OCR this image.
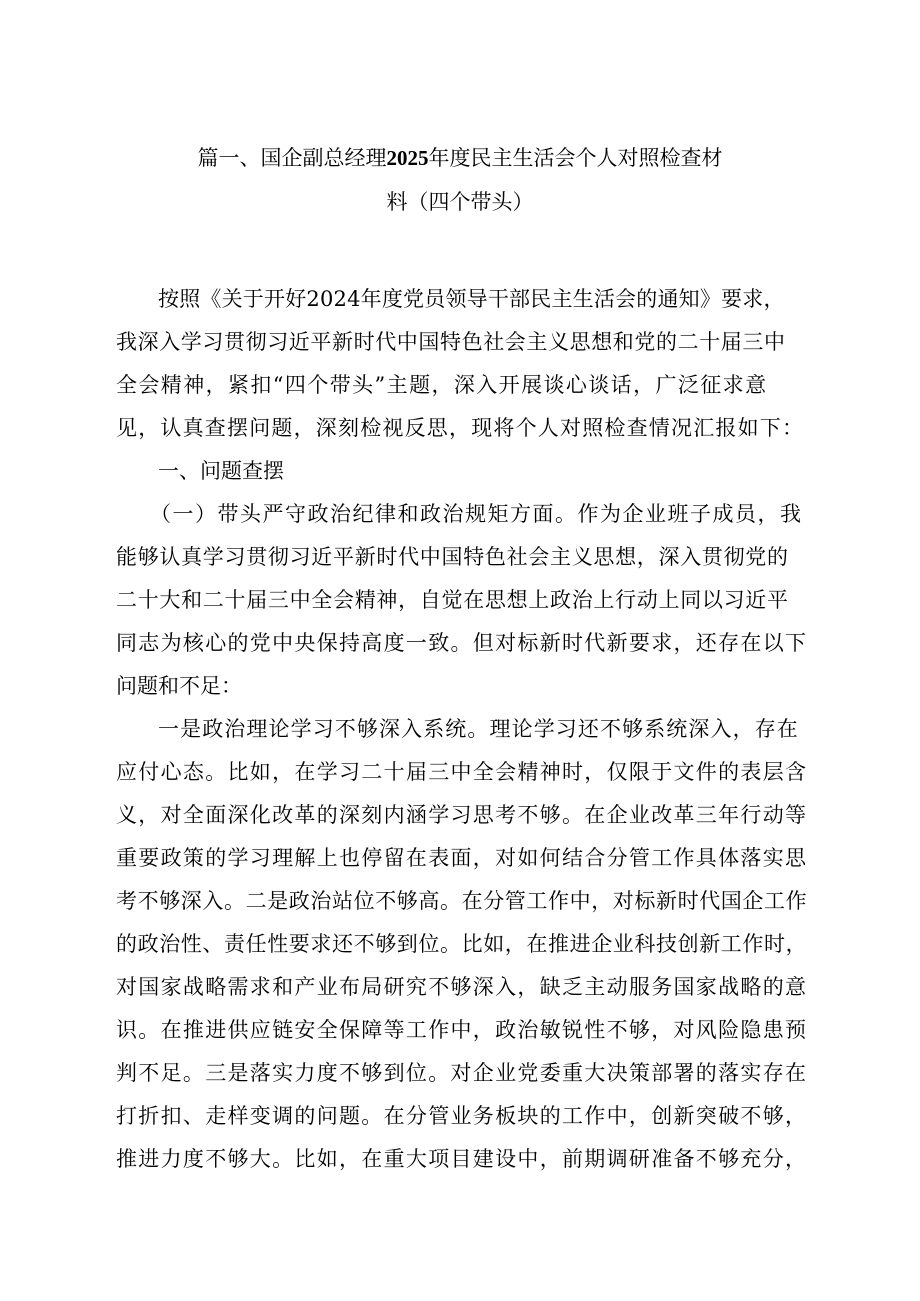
篇一、国企副总经理2025年度民主生活会个人对照检查材
料（四个带头）
按照《关于开好2024年度党员领导干部民主生活会的通知》要求，
我深入学习贯彻习近平新时代中国特色社会主义思想和党的二十届三中
全会精神，紧扣“四个带头”主题，深入开展谈心谈话，广泛征求意
见，认真查摆问题，深刻检视反思，现将个人对照检查情况汇报如下：
一、问题查摆
（一）带头严守政治纪律和政治规矩方面。作为企业班子成员，我
能够认真学习贯彻习近平新时代中国特色社会主义思想，深入贯彻党的
二十大和二十届三中全会精神，自觉在思想上政治上行动上同以习近平
同志为核心的党中央保持高度一致。但对标新时代新要求，还存在以下
问题和不足：
一是政治理论学习不够深入系统。理论学习还不够系统深入，存在
应付心态。比如，在学习二十届三中全会精神时，仅限于文件的表层含
义，对全面深化改革的深刻内涵学习思考不够。在企业改革三年行动等
重要政策的学习理解上也停留在表面，对如何结合分管工作具体落实思
考不够深入。二是政治站位不够高。在分管工作中，对标新时代国企工作
的政治性、责任性要求还不够到位。比如，在推进企业科技创新工作时，
对国家战略需求和产业布局研究不够深入，缺乏主动服务国家战略的意
识。在推进供应链安全保障等工作中，政治敏锐性不够，对风险隐患预
判不足。三是落实力度不够到位。对企业党委重大决策部署的落实存在
打折扣、走样变调的问题。在分管业务板块的工作中，创新突破不够，
推进力度不够大。比如，在重大项目建设中，前期调研准备不够充分，
